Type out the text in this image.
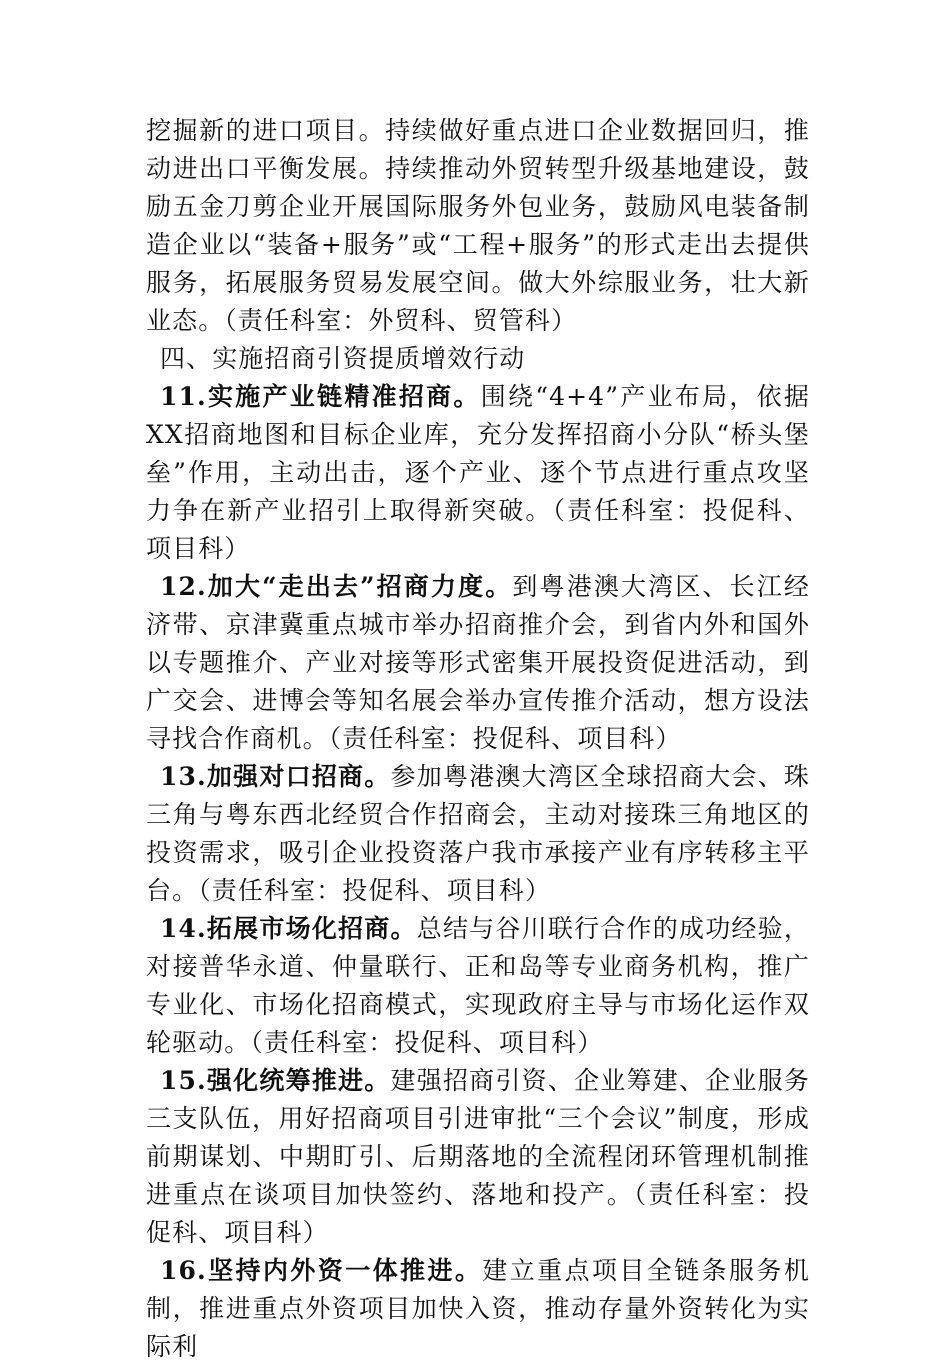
挖掘新的进口项目。持续做好重点进口企业数据回归，推动进出口平衡发展。持续推动外贸转型升级基地建设，鼓励五金刀剪企业开展国际服务外包业务，鼓励风电装备制造企业以“装备+服务”或“工程+服务”的形式走出去提供服务，拓展服务贸易发展空间。做大外综服业务，壮大新业态。（责任科室：外贸科、贸管科）

四、实施招商引资提质增效行动

11.实施产业链精准招商。围绕“4+4”产业布局，依据XX招商地图和目标企业库，充分发挥招商小分队“桥头堡垒”作用，主动出击，逐个产业、逐个节点进行重点攻坚力争在新产业招引上取得新突破。（责任科室：投促科、项目科）

12.加大“走出去”招商力度。到粤港澳大湾区、长江经济带、京津冀重点城市举办招商推介会，到省内外和国外以专题推介、产业对接等形式密集开展投资促进活动，到广交会、进博会等知名展会举办宣传推介活动，想方设法寻找合作商机。（责任科室：投促科、项目科）

13.加强对口招商。参加粤港澳大湾区全球招商大会、珠三角与粤东西北经贸合作招商会，主动对接珠三角地区的投资需求，吸引企业投资落户我市承接产业有序转移主平台。（责任科室：投促科、项目科）

14.拓展市场化招商。总结与谷川联行合作的成功经验，对接普华永道、仲量联行、正和岛等专业商务机构，推广专业化、市场化招商模式，实现政府主导与市场化运作双轮驱动。（责任科室：投促科、项目科）

15.强化统筹推进。建强招商引资、企业筹建、企业服务三支队伍，用好招商项目引进审批“三个会议”制度，形成前期谋划、中期盯引、后期落地的全流程闭环管理机制推进重点在谈项目加快签约、落地和投产。（责任科室：投促科、项目科）

16.坚持内外资一体推进。建立重点项目全链条服务机制，推进重点外资项目加快入资，推动存量外资转化为实际利
